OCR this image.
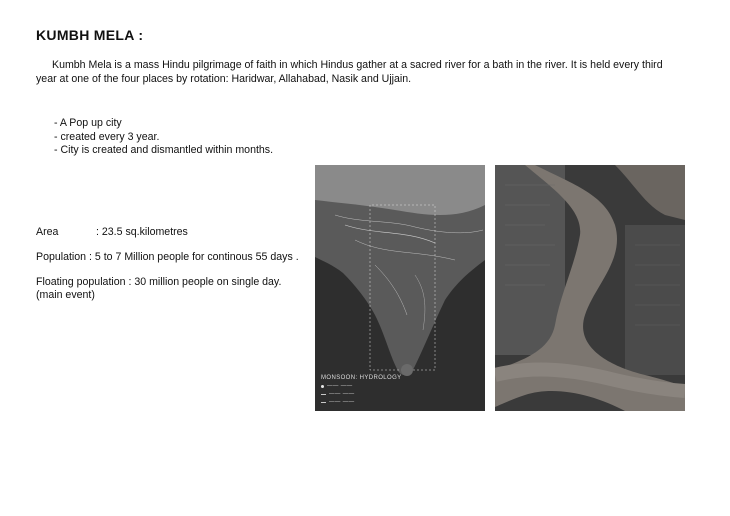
KUMBH MELA :
Kumbh Mela is a mass Hindu pilgrimage of faith in which Hindus gather at a sacred river for a bath in the river. It is held every third year at one of the four places by rotation: Haridwar, Allahabad, Nasik and Ujjain.
- A Pop up city
- created every 3 year.
- City is created and dismantled within months.
Area	: 23.5 sq.kilometres
Population : 5 to 7 Million people for continous 55 days .
Floating population : 30 million people on single day. (main event)
MONSOON: HYDROLOGY
—— ——
—— ——
—— ——
